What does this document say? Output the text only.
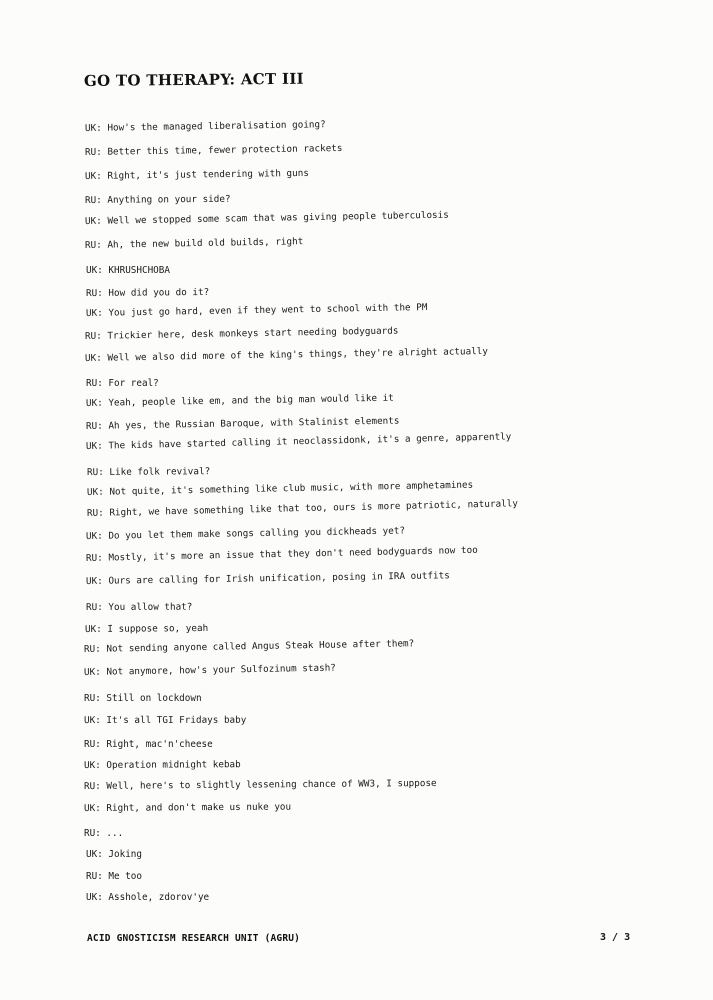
GO TO THERAPY: ACT III
UK: How's the managed liberalisation going?
RU: Better this time, fewer protection rackets
UK: Right, it's just tendering with guns
RU: Anything on your side?
UK: Well we stopped some scam that was giving people tuberculosis
RU: Ah, the new build old builds, right
UK: KHRUSHCHOBA
RU: How did you do it?
UK: You just go hard, even if they went to school with the PM
RU: Trickier here, desk monkeys start needing bodyguards
UK: Well we also did more of the king's things, they're alright actually
RU: For real?
UK: Yeah, people like em, and the big man would like it
RU: Ah yes, the Russian Baroque, with Stalinist elements
UK: The kids have started calling it neoclassidonk, it's a genre, apparently
RU: Like folk revival?
UK: Not quite, it's something like club music, with more amphetamines
RU: Right, we have something like that too, ours is more patriotic, naturally
UK: Do you let them make songs calling you dickheads yet?
RU: Mostly, it's more an issue that they don't need bodyguards now too
UK: Ours are calling for Irish unification, posing in IRA outfits
RU: You allow that?
UK: I suppose so, yeah
RU: Not sending anyone called Angus Steak House after them?
UK: Not anymore, how's your Sulfozinum stash?
RU: Still on lockdown
UK: It's all TGI Fridays baby
RU: Right, mac'n'cheese
UK: Operation midnight kebab
RU: Well, here's to slightly lessening chance of WW3, I suppose
UK: Right, and don't make us nuke you
RU: ...
UK: Joking
RU: Me too
UK: Asshole, zdorov'ye
ACID GNOSTICISM RESEARCH UNIT (AGRU)	3 / 3
